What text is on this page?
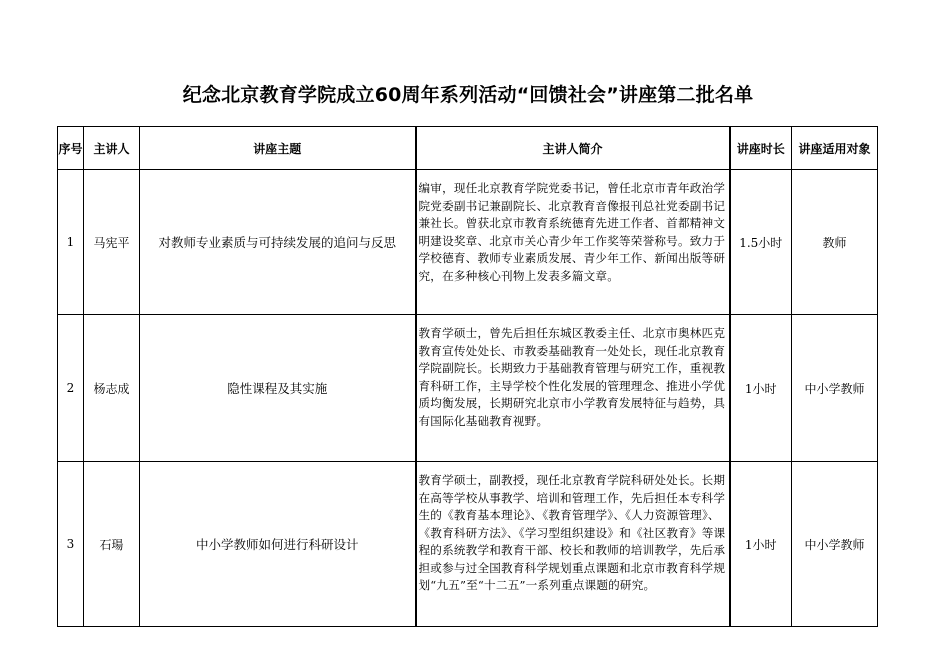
纪念北京教育学院成立60周年系列活动“回馈社会”讲座第二批名单
序号	主讲人	讲座主题	主讲人简介	讲座时长	讲座适用对象
1	马宪平	对教师专业素质与可持续发展的追问与反思	编审，现任北京教育学院党委书记，曾任北京市青年政治学院党委副书记兼副院长、北京教育音像报刊总社党委副书记兼社长。曾获北京市教育系统德育先进工作者、首都精神文明建设奖章、北京市关心青少年工作奖等荣誉称号。致力于学校德育、教师专业素质发展、青少年工作、新闻出版等研究，在多种核心刊物上发表多篇文章。	1.5小时	教师
2	杨志成	隐性课程及其实施	教育学硕士，曾先后担任东城区教委主任、北京市奥林匹克教育宣传处处长、市教委基础教育一处处长，现任北京教育学院副院长。长期致力于基础教育管理与研究工作，重视教育科研工作，主导学校个性化发展的管理理念、推进小学优质均衡发展，长期研究北京市小学教育发展特征与趋势，具有国际化基础教育视野。	1小时	中小学教师
3	石瑒	中小学教师如何进行科研设计	教育学硕士，副教授，现任北京教育学院科研处处长。长期在高等学校从事教学、培训和管理工作，先后担任本专科学生的《教育基本理论》、《教育管理学》、《人力资源管理》、《教育科研方法》、《学习型组织建设》和《社区教育》等课程的系统教学和教育干部、校长和教师的培训教学，先后承担或参与过全国教育科学规划重点课题和北京市教育科学规划“九五”至“十二五”一系列重点课题的研究。	1小时	中小学教师
